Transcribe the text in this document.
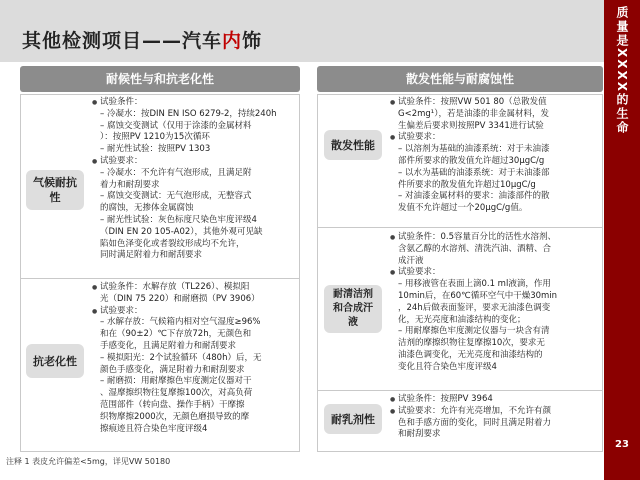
其他检测项目——汽车内饰	质量是XXXX的生命
23
耐候性与和抗老化性	散发性能与耐腐蚀性
气候耐抗性
● 试验条件：
– 冷凝水：按DIN EN ISO 6279-2，持续240h
– 腐蚀交变测试（仅用于涂漆的金属材料
）：按照PV 1210为15次循环
– 耐光性试验：按照PV 1303
● 试验要求：
– 冷凝水：不允许有气泡形成，且满足附
着力和耐刮要求
– 腐蚀交变测试：无气泡形成，无整容式
的腐蚀，无掺体金属腐蚀
– 耐光性试验：灰色标度尺染色牢度评级4
（DIN EN 20 105-A02），其他外观可见缺
陷如色泽变化或者裂纹形成均不允许，
同时满足附着力和耐刮要求
抗老化性
● 试验条件：水解存放（TL226）、模拟阳
光（DIN 75 220）和耐磨损（PV 3906）
● 试验要求：
– 水解存放：气候箱内相对空气湿度≥96%
和在（90±2）℃下存放72h，无颜色和
手感变化，且满足附着力和耐刮要求
– 模拟阳光：2个试验循环（480h）后，无
颜色手感变化，满足附着力和耐刮要求
– 耐磨损：用耐摩擦色牢度测定仪器对干
、湿摩擦织物往复摩擦100次，对高负荷
范围部件（转向盘、操作手柄）干摩擦
织物摩擦2000次，无颜色磨损导致的摩
擦痕迹且符合染色牢度评级4
散发性能
● 试验条件：按照VW 501 80（总散发值
G<2mg¹），若是油漆的非金属材料，发
生偏差后要求则按照PV 3341进行试验
● 试验要求：
– 以溶剂为基础的油漆系统：对于未油漆
部件所要求的散发值允许超过30μgC/g
– 以水为基础的油漆系统：对于未油漆部
件所要求的散发值允许超过10μgC/g
– 对油漆金属材料的要求：油漆部件的散
发值不允许超过一个20μgC/g值。
耐清洁剂和合成汗液
● 试验条件：0.5容量百分比的活性水溶剂、
含氨乙醇的水溶剂、清洗汽油、酒精、合
成汗液
● 试验要求：
– 用移液管在表面上滴0.1 ml液滴，作用
10min后，在60℃循环空气中干燥30min
，24h后做表面鉴评，要求无油漆色调变
化，无光亮度和油漆结构的变化；
– 用耐摩擦色牢度测定仪器与一块含有清
洁剂的摩擦织物往复摩擦10次，要求无
油漆色调变化，无光亮度和油漆结构的
变化且符合染色牢度评级4
耐乳剂性
● 试验条件：按照PV 3964
● 试验要求：允许有光亮增加，不允许有颜
色和手感方面的变化，同时且满足附着力
和耐刮要求
注释 1 表皮允许偏差<5mg，详见VW 50180
